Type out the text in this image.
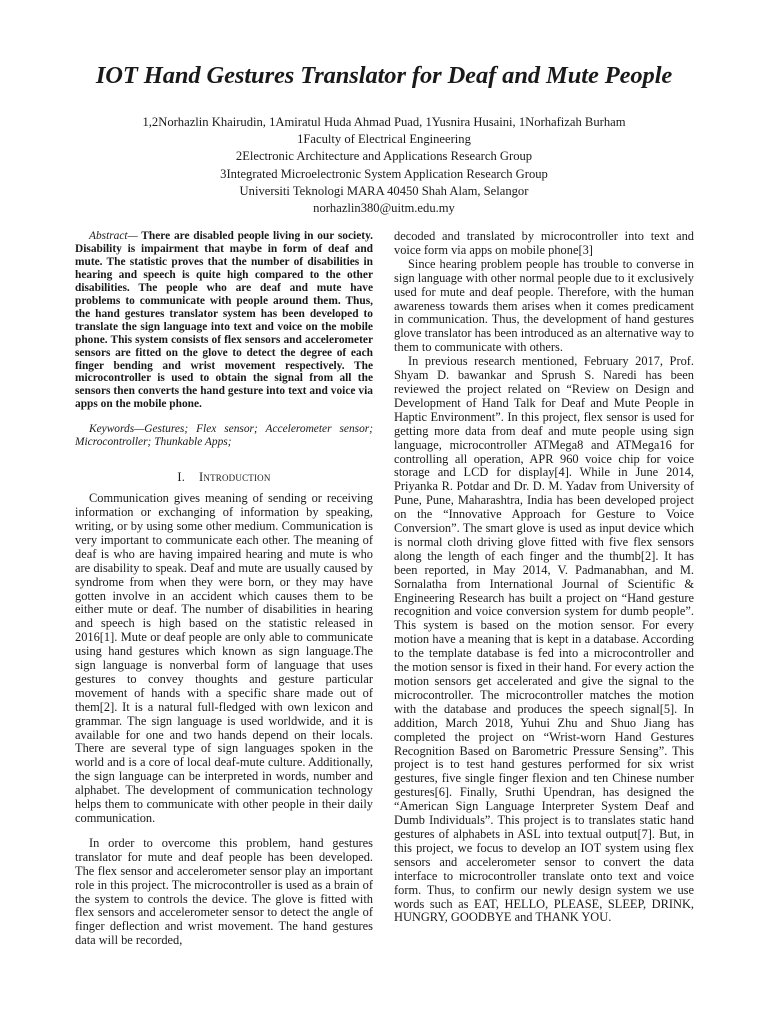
IOT Hand Gestures Translator for Deaf and Mute People
1,2Norhazlin Khairudin, 1Amiratul Huda Ahmad Puad, 1Yusnira Husaini, 1Norhafizah Burham
1Faculty of Electrical Engineering
2Electronic Architecture and Applications Research Group
3Integrated Microelectronic System Application Research Group
Universiti Teknologi MARA 40450 Shah Alam, Selangor
norhazlin380@uitm.edu.my
Abstract— There are disabled people living in our society. Disability is impairment that maybe in form of deaf and mute. The statistic proves that the number of disabilities in hearing and speech is quite high compared to the other disabilities. The people who are deaf and mute have problems to communicate with people around them. Thus, the hand gestures translator system has been developed to translate the sign language into text and voice on the mobile phone. This system consists of flex sensors and accelerometer sensors are fitted on the glove to detect the degree of each finger bending and wrist movement respectively. The microcontroller is used to obtain the signal from all the sensors then converts the hand gesture into text and voice via apps on the mobile phone.
Keywords—Gestures; Flex sensor; Accelerometer sensor; Microcontroller; Thunkable Apps;
I. Introduction

Communication gives meaning of sending or receiving information or exchanging of information by speaking, writing, or by using some other medium. Communication is very important to communicate each other. The meaning of deaf is who are having impaired hearing and mute is who are disability to speak. Deaf and mute are usually caused by syndrome from when they were born, or they may have gotten involve in an accident which causes them to be either mute or deaf. The number of disabilities in hearing and speech is high based on the statistic released in 2016[1]. Mute or deaf people are only able to communicate using hand gestures which known as sign language.The sign language is nonverbal form of language that uses gestures to convey thoughts and gesture particular movement of hands with a specific share made out of them[2]. It is a natural full-fledged with own lexicon and grammar. The sign language is used worldwide, and it is available for one and two hands depend on their locals. There are several type of sign languages spoken in the world and is a core of local deaf-mute culture. Additionally, the sign language can be interpreted in words, number and alphabet. The development of communication technology helps them to communicate with other people in their daily communication.

In order to overcome this problem, hand gestures translator for mute and deaf people has been developed. The flex sensor and accelerometer sensor play an important role in this project. The microcontroller is used as a brain of the system to controls the device. The glove is fitted with flex sensors and accelerometer sensor to detect the angle of finger deflection and wrist movement. The hand gestures data will be recorded,

decoded and translated by microcontroller into text and voice form via apps on mobile phone[3]

Since hearing problem people has trouble to converse in sign language with other normal people due to it exclusively used for mute and deaf people. Therefore, with the human awareness towards them arises when it comes predicament in communication. Thus, the development of hand gestures glove translator has been introduced as an alternative way to them to communicate with others.

In previous research mentioned, February 2017, Prof. Shyam D. bawankar and Sprush S. Naredi has been reviewed the project related on “Review on Design and Development of Hand Talk for Deaf and Mute People in Haptic Environment”. In this project, flex sensor is used for getting more data from deaf and mute people using sign language, microcontroller ATMega8 and ATMega16 for controlling all operation, APR 960 voice chip for voice storage and LCD for display[4]. While in June 2014, Priyanka R. Potdar and Dr. D. M. Yadav from University of Pune, Pune, Maharashtra, India has been developed project on the “Innovative Approach for Gesture to Voice Conversion”. The smart glove is used as input device which is normal cloth driving glove fitted with five flex sensors along the length of each finger and the thumb[2]. It has been reported, in May 2014, V. Padmanabhan, and M. Sornalatha from International Journal of Scientific & Engineering Research has built a project on “Hand gesture recognition and voice conversion system for dumb people”. This system is based on the motion sensor. For every motion have a meaning that is kept in a database. According to the template database is fed into a microcontroller and the motion sensor is fixed in their hand. For every action the motion sensors get accelerated and give the signal to the microcontroller. The microcontroller matches the motion with the database and produces the speech signal[5]. In addition, March 2018, Yuhui Zhu and Shuo Jiang has completed the project on “Wrist-worn Hand Gestures Recognition Based on Barometric Pressure Sensing”. This project is to test hand gestures performed for six wrist gestures, five single finger flexion and ten Chinese number gestures[6]. Finally, Sruthi Upendran, has designed the “American Sign Language Interpreter System Deaf and Dumb Individuals”. This project is to translates static hand gestures of alphabets in ASL into textual output[7]. But, in this project, we focus to develop an IOT system using flex sensors and accelerometer sensor to convert the data interface to microcontroller translate onto text and voice form. Thus, to confirm our newly design system we use words such as EAT, HELLO, PLEASE, SLEEP, DRINK, HUNGRY, GOODBYE and THANK YOU.
